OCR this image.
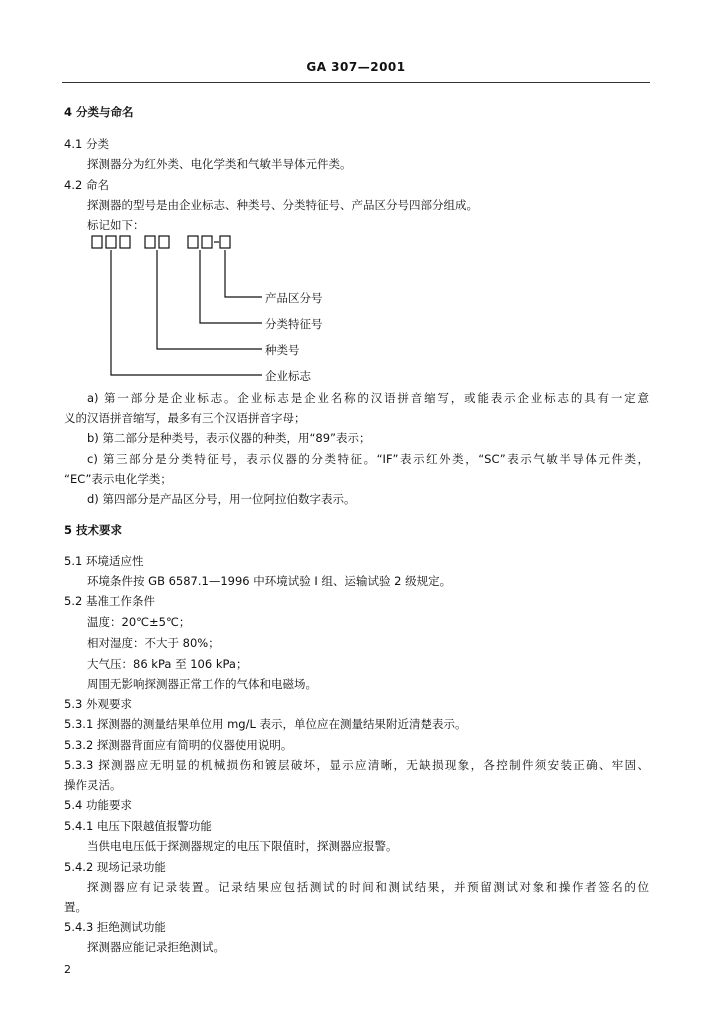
GA 307—2001
4 分类与命名
4.1 分类
探测器分为红外类、电化学类和气敏半导体元件类。
4.2 命名
探测器的型号是由企业标志、种类号、分类特征号、产品区分号四部分组成。
标记如下：
产品区分号
分类特征号
种类号
企业标志
a) 第一部分是企业标志。企业标志是企业名称的汉语拼音缩写，或能表示企业标志的具有一定意
义的汉语拼音缩写，最多有三个汉语拼音字母；
b) 第二部分是种类号，表示仪器的种类，用“89”表示；
c) 第三部分是分类特征号，表示仪器的分类特征。“IF”表示红外类，“SC”表示气敏半导体元件类，
“EC”表示电化学类；
d) 第四部分是产品区分号，用一位阿拉伯数字表示。
5 技术要求
5.1 环境适应性
环境条件按 GB 6587.1—1996 中环境试验 I 组、运输试验 2 级规定。
5.2 基准工作条件
温度：20℃±5℃；
相对湿度：不大于 80%；
大气压：86 kPa 至 106 kPa；
周围无影响探测器正常工作的气体和电磁场。
5.3 外观要求
5.3.1 探测器的测量结果单位用 mg/L 表示，单位应在测量结果附近清楚表示。
5.3.2 探测器背面应有简明的仪器使用说明。
5.3.3 探测器应无明显的机械损伤和镀层破坏，显示应清晰，无缺损现象，各控制件须安装正确、牢固、
操作灵活。
5.4 功能要求
5.4.1 电压下限越值报警功能
当供电电压低于探测器规定的电压下限值时，探测器应报警。
5.4.2 现场记录功能
探测器应有记录装置。记录结果应包括测试的时间和测试结果，并预留测试对象和操作者签名的位
置。
5.4.3 拒绝测试功能
探测器应能记录拒绝测试。
2
